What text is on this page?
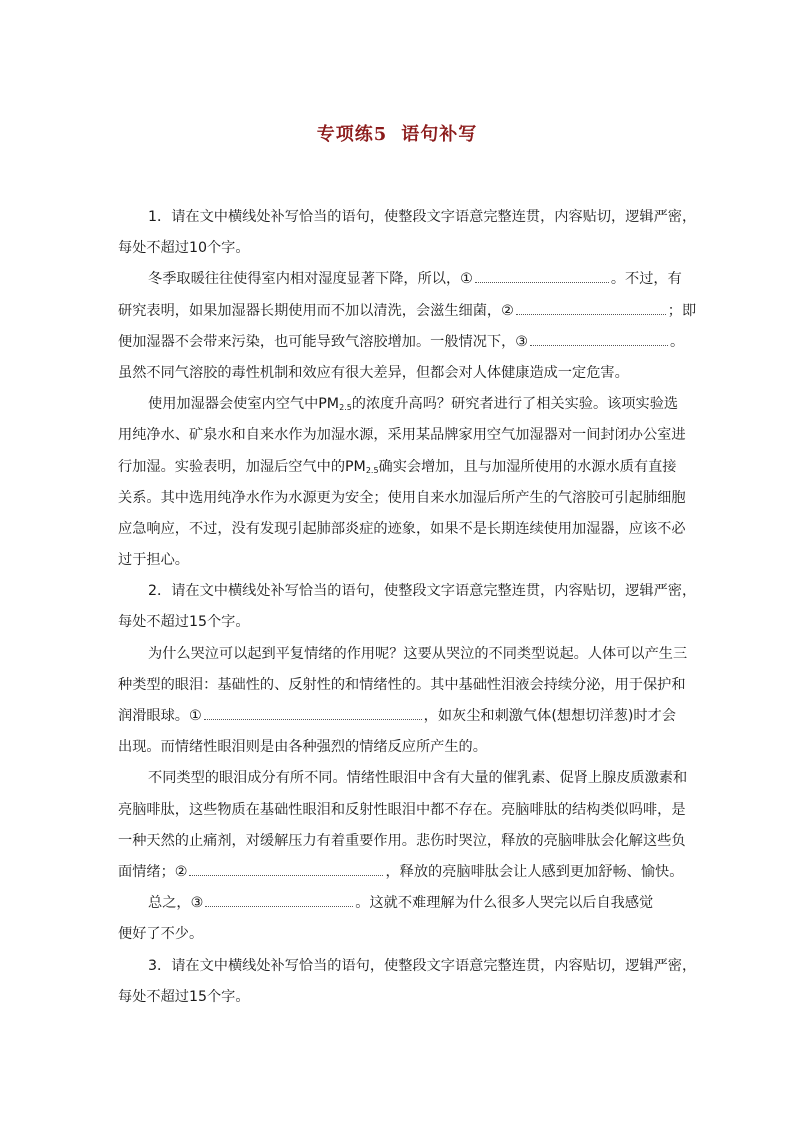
专项练5 语句补写
1．请在文中横线处补写恰当的语句，使整段文字语意完整连贯，内容贴切，逻辑严密，
每处不超过10个字。
冬季取暖往往使得室内相对湿度显著下降，所以，①	。不过，有
研究表明，如果加湿器长期使用而不加以清洗，会滋生细菌，②	；即
便加湿器不会带来污染，也可能导致气溶胶增加。一般情况下，③	。
虽然不同气溶胶的毒性机制和效应有很大差异，但都会对人体健康造成一定危害。
使用加湿器会使室内空气中$PM_{2.5}$的浓度升高吗？研究者进行了相关实验。该项实验选
用纯净水、矿泉水和自来水作为加湿水源，采用某品牌家用空气加湿器对一间封闭办公室进
行加湿。实验表明，加湿后空气中的$PM_{2.5}$确实会增加，且与加湿所使用的水源水质有直接
关系。其中选用纯净水作为水源更为安全；使用自来水加湿后所产生的气溶胶可引起肺细胞
应急响应，不过，没有发现引起肺部炎症的迹象，如果不是长期连续使用加湿器，应该不必
过于担心。
2．请在文中横线处补写恰当的语句，使整段文字语意完整连贯，内容贴切，逻辑严密，
每处不超过15个字。
为什么哭泣可以起到平复情绪的作用呢？这要从哭泣的不同类型说起。人体可以产生三
种类型的眼泪：基础性的、反射性的和情绪性的。其中基础性泪液会持续分泌，用于保护和
润滑眼球。①	，如灰尘和刺激气体(想想切洋葱)时才会
出现。而情绪性眼泪则是由各种强烈的情绪反应所产生的。
不同类型的眼泪成分有所不同。情绪性眼泪中含有大量的催乳素、促肾上腺皮质激素和
亮脑啡肽，这些物质在基础性眼泪和反射性眼泪中都不存在。亮脑啡肽的结构类似吗啡，是
一种天然的止痛剂，对缓解压力有着重要作用。悲伤时哭泣，释放的亮脑啡肽会化解这些负
面情绪；②	，释放的亮脑啡肽会让人感到更加舒畅、愉快。
总之，③	。这就不难理解为什么很多人哭完以后自我感觉
便好了不少。
3．请在文中横线处补写恰当的语句，使整段文字语意完整连贯，内容贴切，逻辑严密，
每处不超过15个字。
